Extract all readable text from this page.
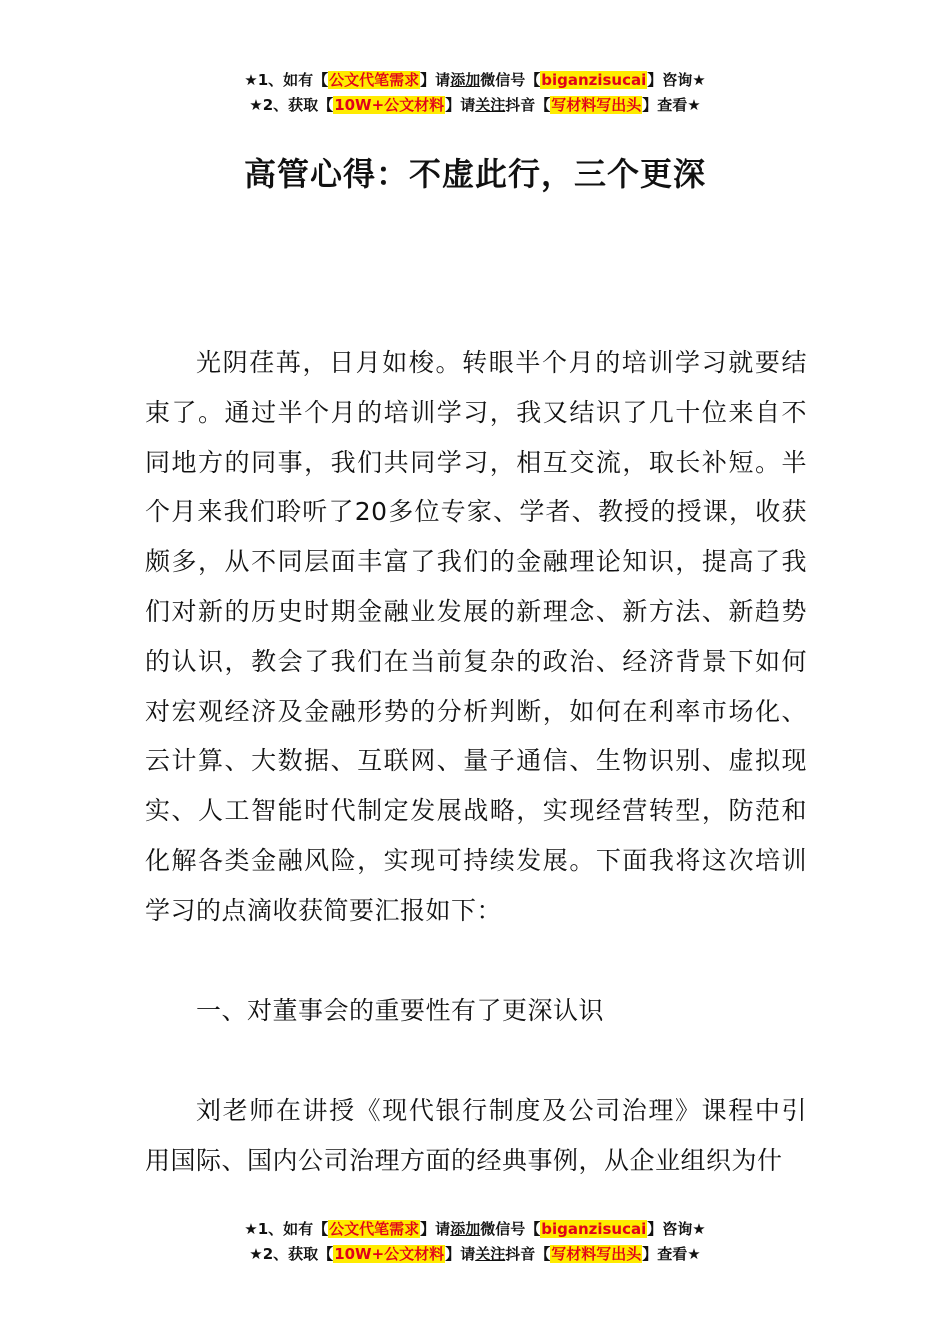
★1、如有【公文代笔需求】请添加微信号【biganzisucai】咨询★
★2、获取【10W+公文材料】请关注抖音【写材料写出头】查看★
高管心得：不虚此行，三个更深
光阴荏苒，日月如梭。转眼半个月的培训学习就要结束了。通过半个月的培训学习，我又结识了几十位来自不同地方的同事，我们共同学习，相互交流，取长补短。半个月来我们聆听了20多位专家、学者、教授的授课，收获颇多，从不同层面丰富了我们的金融理论知识，提高了我们对新的历史时期金融业发展的新理念、新方法、新趋势的认识，教会了我们在当前复杂的政治、经济背景下如何对宏观经济及金融形势的分析判断，如何在利率市场化、云计算、大数据、互联网、量子通信、生物识别、虚拟现实、人工智能时代制定发展战略，实现经营转型，防范和化解各类金融风险，实现可持续发展。下面我将这次培训学习的点滴收获简要汇报如下：
一、对董事会的重要性有了更深认识
刘老师在讲授《现代银行制度及公司治理》课程中引用国际、国内公司治理方面的经典事例，从企业组织为什
★1、如有【公文代笔需求】请添加微信号【biganzisucai】咨询★
★2、获取【10W+公文材料】请关注抖音【写材料写出头】查看★
